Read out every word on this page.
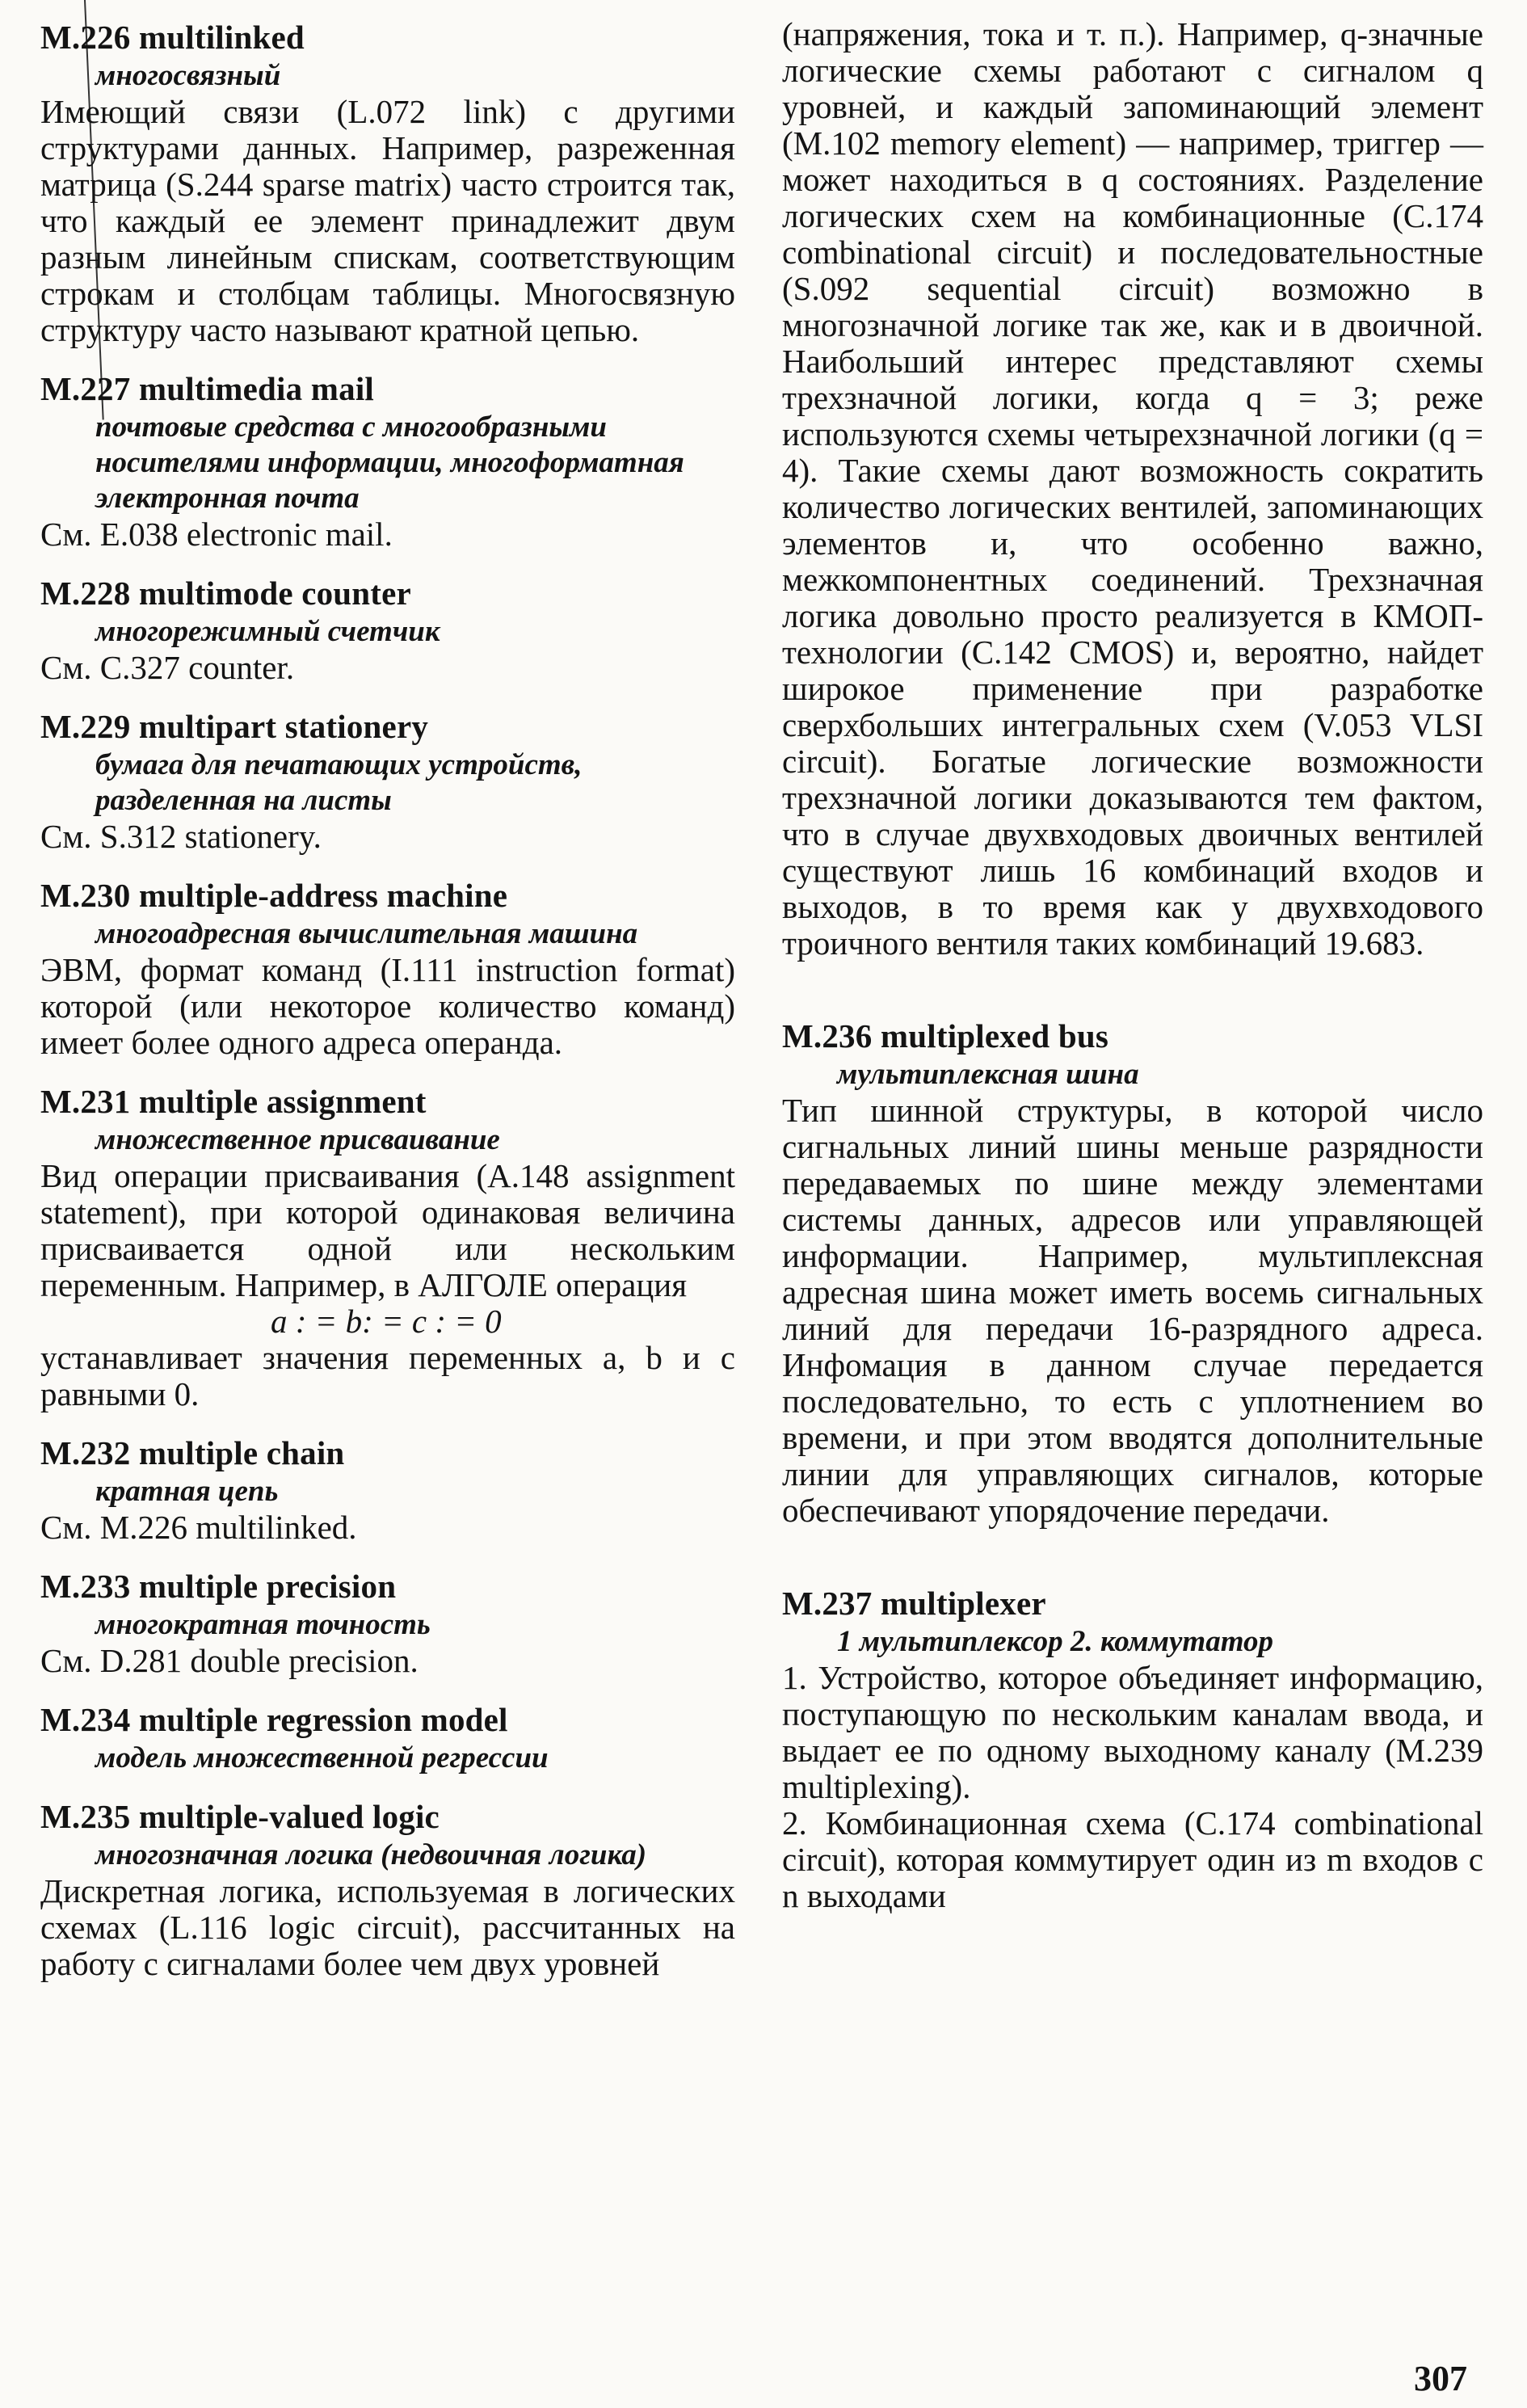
M.226 multilinked
многосвязный

Имеющий связи (L.072 link) с другими структурами данных. Например, разреженная матрица (S.244 sparse matrix) часто строится так, что каждый ее элемент принадлежит двум разным линейным спискам, соответствующим строкам и столбцам таблицы. Многосвязную структуру часто называют кратной цепью.

M.227 multimedia mail
почтовые средства с многообразными носителями информации, многоформатная электронная почта

См. E.038 electronic mail.

M.228 multimode counter
многорежимный счетчик

См. C.327 counter.

M.229 multipart stationery
бумага для печатающих устройств, разделенная на листы

См. S.312 stationery.

M.230 multiple-address machine
многоадресная вычислительная машина

ЭВМ, формат команд (I.111 instruction format) которой (или некоторое количество команд) имеет более одного адреса операнда.

M.231 multiple assignment
множественное присваивание

Вид операции присваивания (A.148 assignment statement), при которой одинаковая величина присваивается одной или нескольким переменным. Например, в АЛГОЛЕ операция

a : = b: = c : = 0

устанавливает значения переменных a, b и c равными 0.

M.232 multiple chain
кратная цепь

См. M.226 multilinked.

M.233 multiple precision
многократная точность

См. D.281 double precision.

M.234 multiple regression model
модель множественной регрессии
M.235 multiple-valued logic
многозначная логика (недвоичная логика)

Дискретная логика, используемая в логических схемах (L.116 logic circuit), рассчитанных на работу с сигналами более чем двух уровней

(напряжения, тока и т. п.). Например, q-значные логические схемы работают с сигналом q уровней, и каждый запоминающий элемент (M.102 memory element) — например, триггер — может находиться в q состояниях. Разделение логических схем на комбинационные (C.174 combinational circuit) и последовательностные (S.092 sequential circuit) возможно в многозначной логике так же, как и в двоичной. Наибольший интерес представляют схемы трехзначной логики, когда q = 3; реже используются схемы четырехзначной логики (q = 4). Такие схемы дают возможность сократить количество логических вентилей, запоминающих элементов и, что особенно важно, межкомпонентных соединений. Трехзначная логика довольно просто реализуется в КМОП-технологии (C.142 CMOS) и, вероятно, найдет широкое применение при разработке сверхбольших интегральных схем (V.053 VLSI circuit). Богатые логические возможности трехзначной логики доказываются тем фактом, что в случае двухвходовых двоичных вентилей существуют лишь 16 комбинаций входов и выходов, в то время как у двухвходового троичного вентиля таких комбинаций 19.683.

M.236 multiplexed bus
мультиплексная шина

Тип шинной структуры, в которой число сигнальных линий шины меньше разрядности передаваемых по шине между элементами системы данных, адресов или управляющей информации. Например, мультиплексная адресная шина может иметь восемь сигнальных линий для передачи 16-разрядного адреса. Инфомация в данном случае передается последовательно, то есть с уплотнением во времени, и при этом вводятся дополнительные линии для управляющих сигналов, которые обеспечивают упорядочение передачи.

M.237 multiplexer
1 мультиплексор 2. коммутатор

1. Устройство, которое объединяет информацию, поступающую по нескольким каналам ввода, и выдает ее по одному выходному каналу (M.239 multiplexing).

2. Комбинационная схема (C.174 combinational circuit), которая коммутирует один из m входов с n выходами

307
